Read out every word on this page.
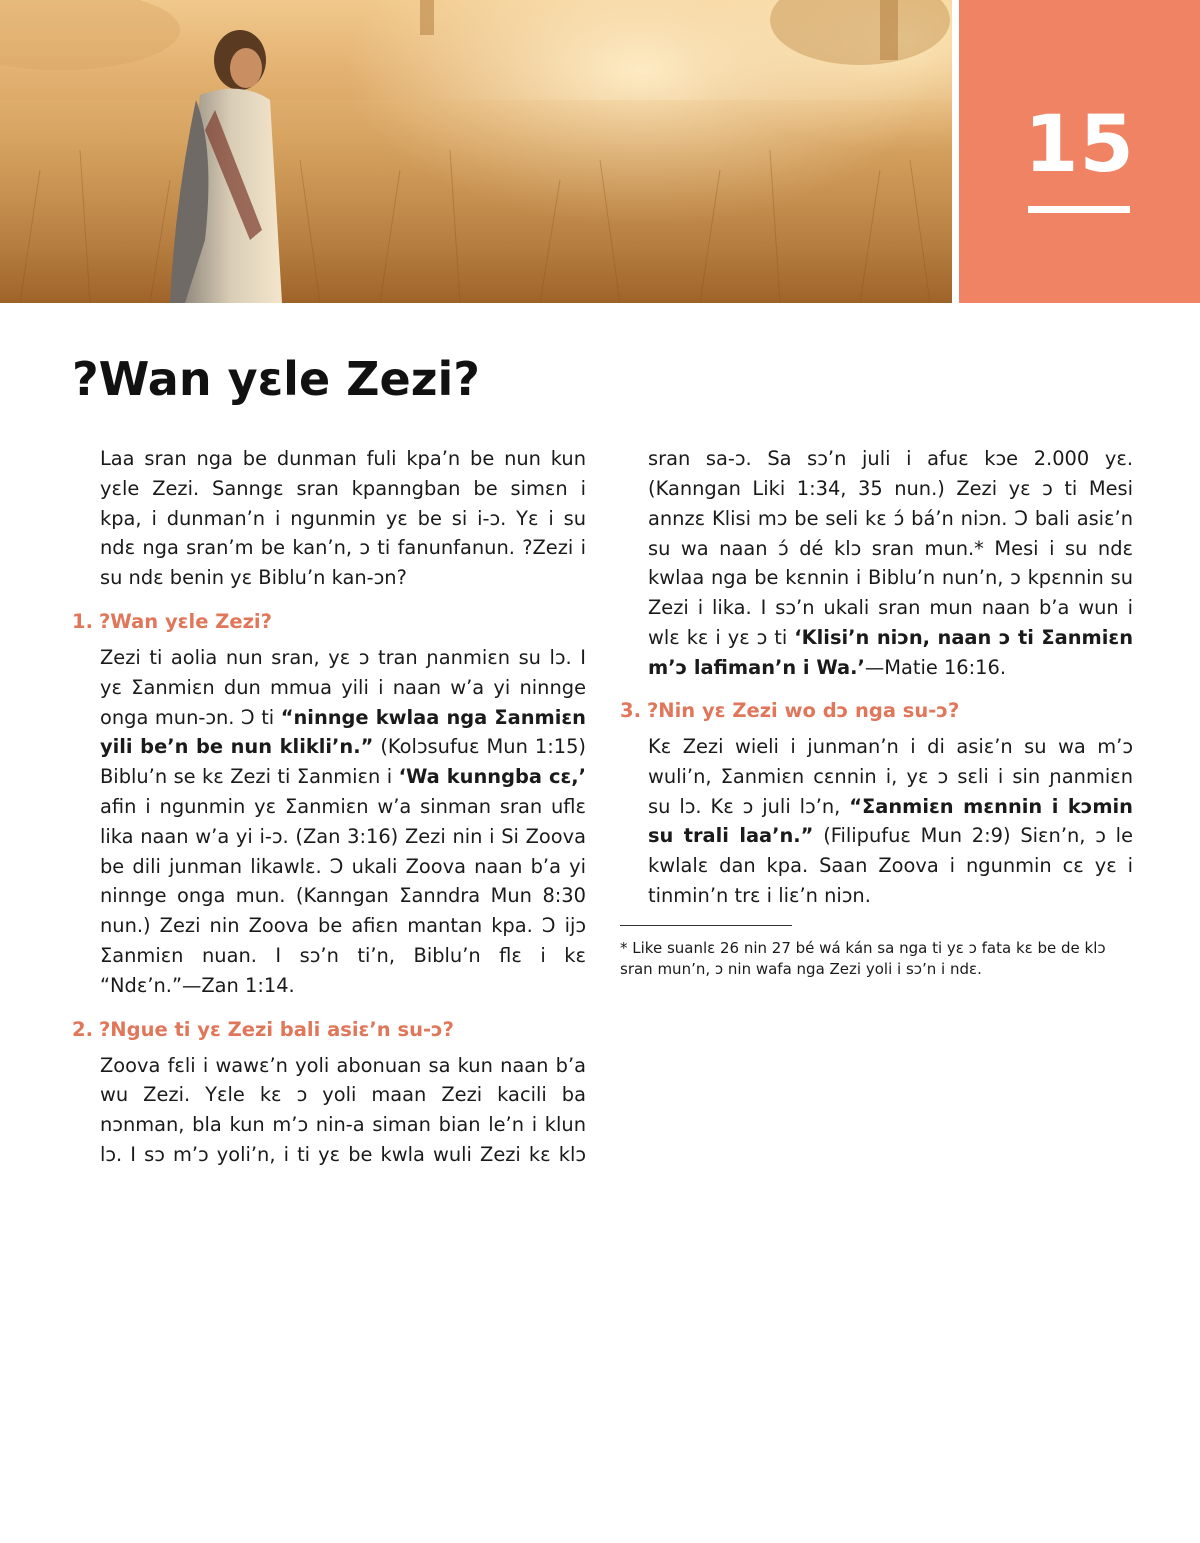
15
?Wan yɛle Zezi?

Laa sran nga be dunman fuli kpa’n be nun kun yɛle Zezi. Sanngɛ sran kpanngban be simɛn i kpa, i dunman’n i ngunmin yɛ be si i-ɔ. Yɛ i su ndɛ nga sran’m be kan’n, ɔ ti fanunfanun. ?Zezi i su ndɛ benin yɛ Biblu’n kan-ɔn?

1. ?Wan yɛle Zezi?

Zezi ti aolia nun sran, yɛ ɔ tran ɲanmiɛn su lɔ. I yɛ Ʃanmiɛn dun mmua yili i naan w’a yi ninnge onga mun-ɔn. Ɔ ti “ninnge kwlaa nga Ʃanmiɛn yili be’n be nun klikli’n.” (Kolɔsufuɛ Mun 1:15) Biblu’n se kɛ Zezi ti Ʃanmiɛn i ‘Wa kunngba cɛ,’ afin i ngunmin yɛ Ʃanmiɛn w’a sinman sran uflɛ lika naan w’a yi i-ɔ. (Zan 3:16) Zezi nin i Si Zoova be dili junman likawlɛ. Ɔ ukali Zoova naan b’a yi ninnge onga mun. (Kanngan Ʃanndra Mun 8:30 nun.) Zezi nin Zoova be afiɛn mantan kpa. Ɔ ijɔ Ʃanmiɛn nuan. I sɔ’n ti’n, Biblu’n flɛ i kɛ “Ndɛ’n.”—Zan 1:14.

2. ?Ngue ti yɛ Zezi bali asiɛ’n su-ɔ?

Zoova fɛli i wawɛ’n yoli abonuan sa kun naan b’a wu Zezi. Yɛle kɛ ɔ yoli maan Zezi kacili ba nɔnman, bla kun m’ɔ nin-a siman bian le’n i klun lɔ. I sɔ m’ɔ yoli’n, i ti yɛ be kwla wuli Zezi kɛ klɔ

sran sa-ɔ. Sa sɔ’n juli i afuɛ kɔe 2.000 yɛ. (Kanngan Liki 1:34, 35 nun.) Zezi yɛ ɔ ti Mesi annzɛ Klisi mɔ be seli kɛ ɔ́ bá’n niɔn. Ɔ bali asiɛ’n su wa naan ɔ́ dé klɔ sran mun.* Mesi i su ndɛ kwlaa nga be kɛnnin i Biblu’n nun’n, ɔ kpɛnnin su Zezi i lika. I sɔ’n ukali sran mun naan b’a wun i wlɛ kɛ i yɛ ɔ ti ‘Klisi’n niɔn, naan ɔ ti Ʃanmiɛn m’ɔ lafiman’n i Wa.’—Matie 16:16.

3. ?Nin yɛ Zezi wo dɔ nga su-ɔ?

Kɛ Zezi wieli i junman’n i di asiɛ’n su wa m’ɔ wuli’n, Ʃanmiɛn cɛnnin i, yɛ ɔ sɛli i sin ɲanmiɛn su lɔ. Kɛ ɔ juli lɔ’n, “Ʃanmiɛn mɛnnin i kɔmin su trali laa’n.” (Filipufuɛ Mun 2:9) Siɛn’n, ɔ le kwlalɛ dan kpa. Saan Zoova i ngunmin cɛ yɛ i tinmin’n trɛ i liɛ’n niɔn.

* Like suanlɛ 26 nin 27 bé wá kán sa nga ti yɛ ɔ fata kɛ be de klɔ sran mun’n, ɔ nin wafa nga Zezi yoli i sɔ’n i ndɛ.
